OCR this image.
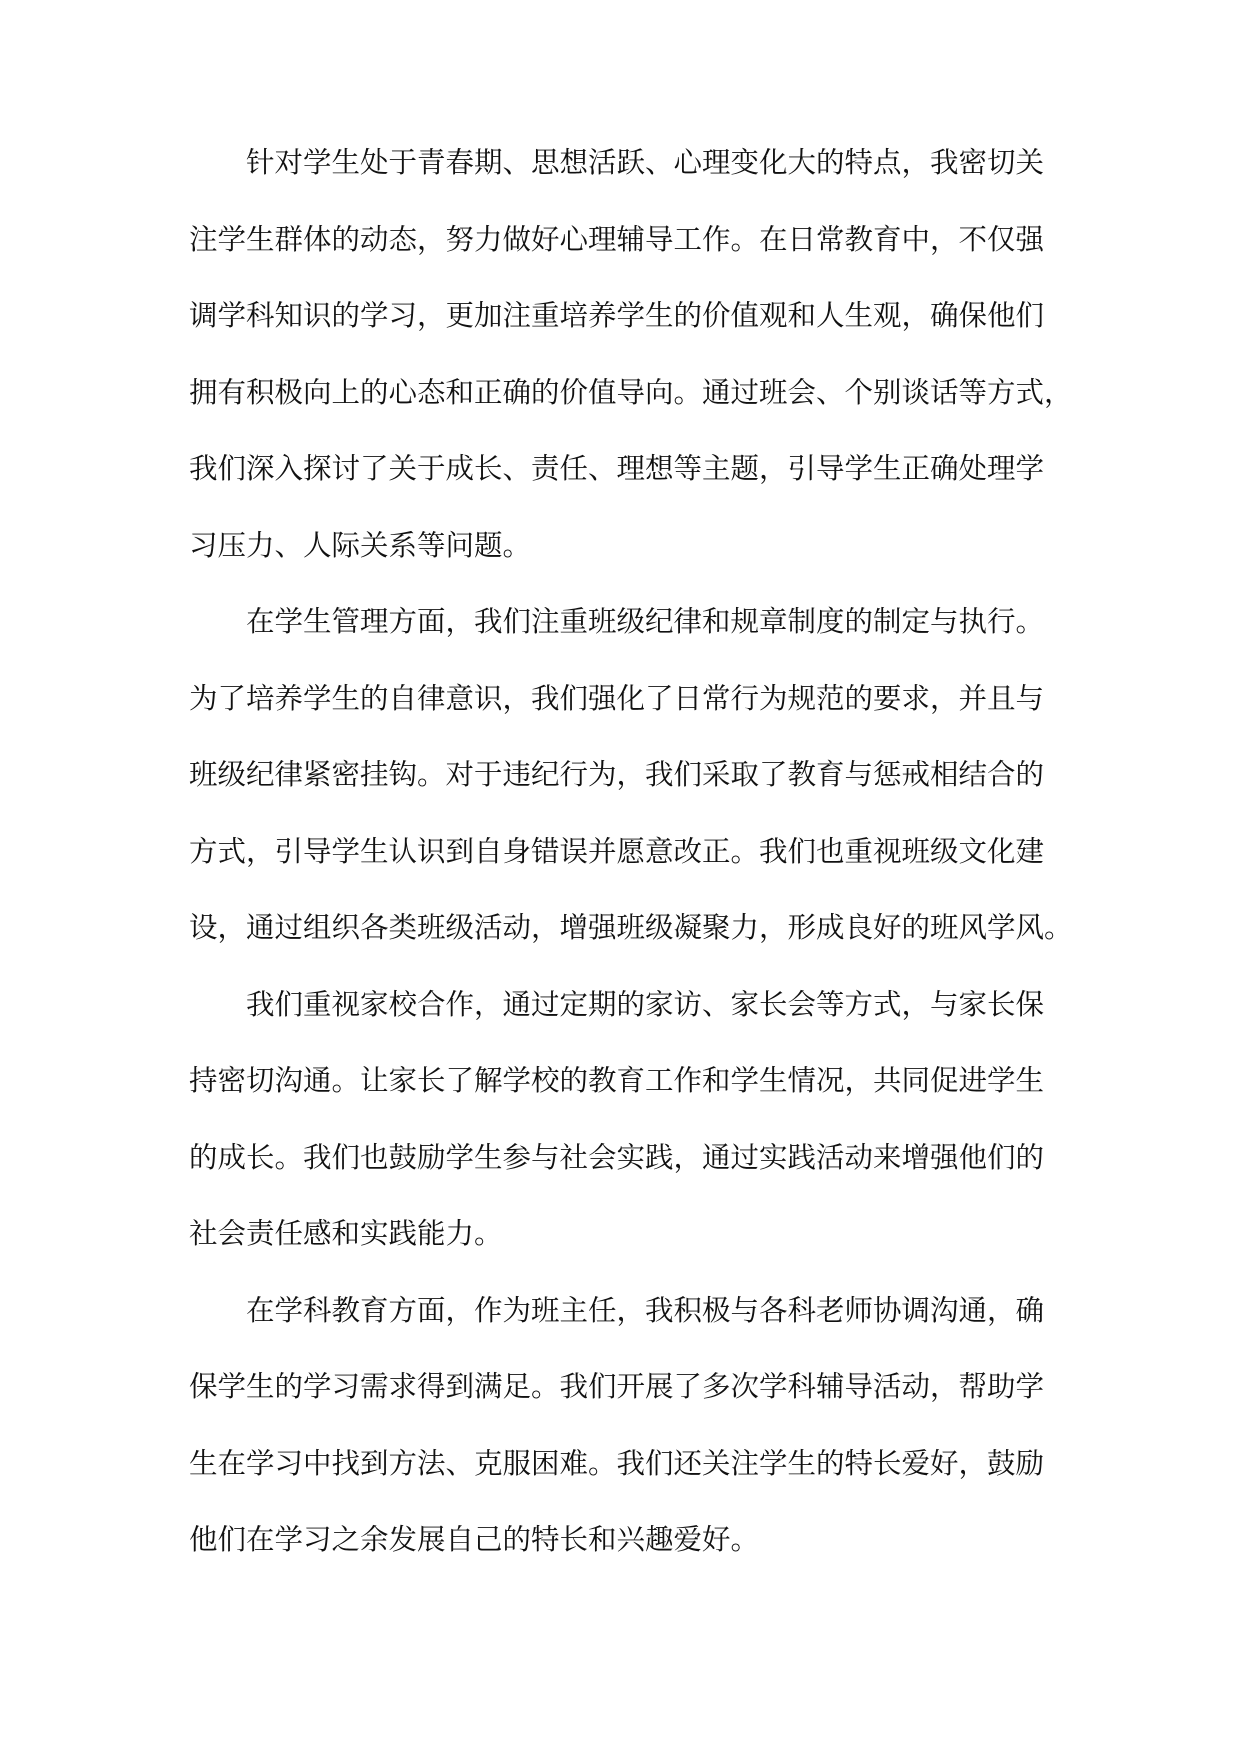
针对学生处于青春期、思想活跃、心理变化大的特点，我密切关
注学生群体的动态，努力做好心理辅导工作。在日常教育中，不仅强
调学科知识的学习，更加注重培养学生的价值观和人生观，确保他们
拥有积极向上的心态和正确的价值导向。通过班会、个别谈话等方式，
我们深入探讨了关于成长、责任、理想等主题，引导学生正确处理学
习压力、人际关系等问题。
在学生管理方面，我们注重班级纪律和规章制度的制定与执行。
为了培养学生的自律意识，我们强化了日常行为规范的要求，并且与
班级纪律紧密挂钩。对于违纪行为，我们采取了教育与惩戒相结合的
方式，引导学生认识到自身错误并愿意改正。我们也重视班级文化建
设，通过组织各类班级活动，增强班级凝聚力，形成良好的班风学风。
我们重视家校合作，通过定期的家访、家长会等方式，与家长保
持密切沟通。让家长了解学校的教育工作和学生情况，共同促进学生
的成长。我们也鼓励学生参与社会实践，通过实践活动来增强他们的
社会责任感和实践能力。
在学科教育方面，作为班主任，我积极与各科老师协调沟通，确
保学生的学习需求得到满足。我们开展了多次学科辅导活动，帮助学
生在学习中找到方法、克服困难。我们还关注学生的特长爱好，鼓励
他们在学习之余发展自己的特长和兴趣爱好。
